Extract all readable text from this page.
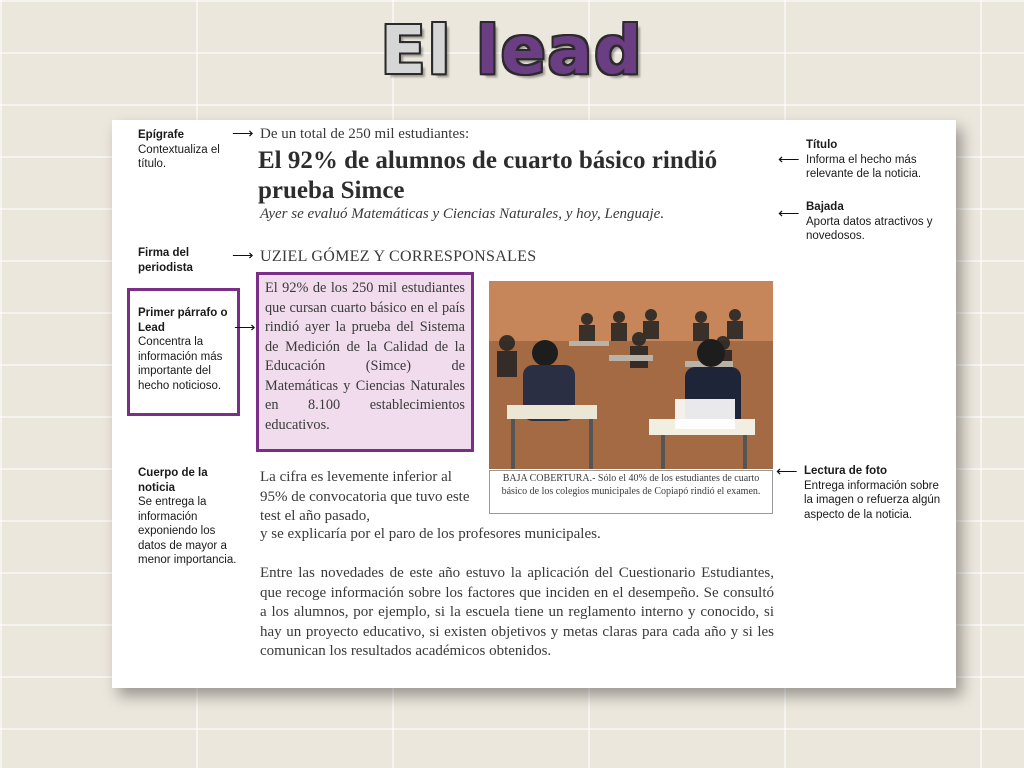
El lead
Epígrafe
Contextualiza el título.
⟶
Firma del periodista
⟶
Primer párrafo o Lead
Concentra la información más importante del hecho noticioso.
⟶
Cuerpo de la noticia
Se entrega la información exponiendo los datos de mayor a menor importancia.
De un total de 250 mil estudiantes:
El 92% de alumnos de cuarto básico rindió prueba Simce
Ayer se evaluó Matemáticas y Ciencias Naturales, y hoy, Lenguaje.
UZIEL GÓMEZ Y CORRESPONSALES
El 92% de los 250 mil estudiantes que cursan cuarto básico en el país rindió ayer la prueba del Sistema de Medición de la Calidad de la Educación (Simce) de Matemáticas y Ciencias Naturales en 8.100 establecimientos educativos.
BAJA COBERTURA.- Sólo el 40% de los estudiantes de cuarto básico de los colegios municipales de Copiapó rindió el examen.
La cifra es levemente inferior al 95% de convocatoria que tuvo este test el año pasado,
y se explicaría por el paro de los profesores municipales.
Entre las novedades de este año estuvo la aplicación del Cuestionario Estudiantes, que recoge información sobre los factores que inciden en el desempeño. Se consultó a los alumnos, por ejemplo, si la escuela tiene un reglamento interno y conocido, si hay un proyecto educativo, si existen objetivos y metas claras para cada año y si les comunican los resultados académicos obtenidos.
⟵
Título
Informa el hecho más relevante de la noticia.
⟵ Bajada
Aporta datos atractivos y novedosos.
⟵ Lectura de foto
Entrega información sobre la imagen o refuerza algún aspecto de la noticia.
